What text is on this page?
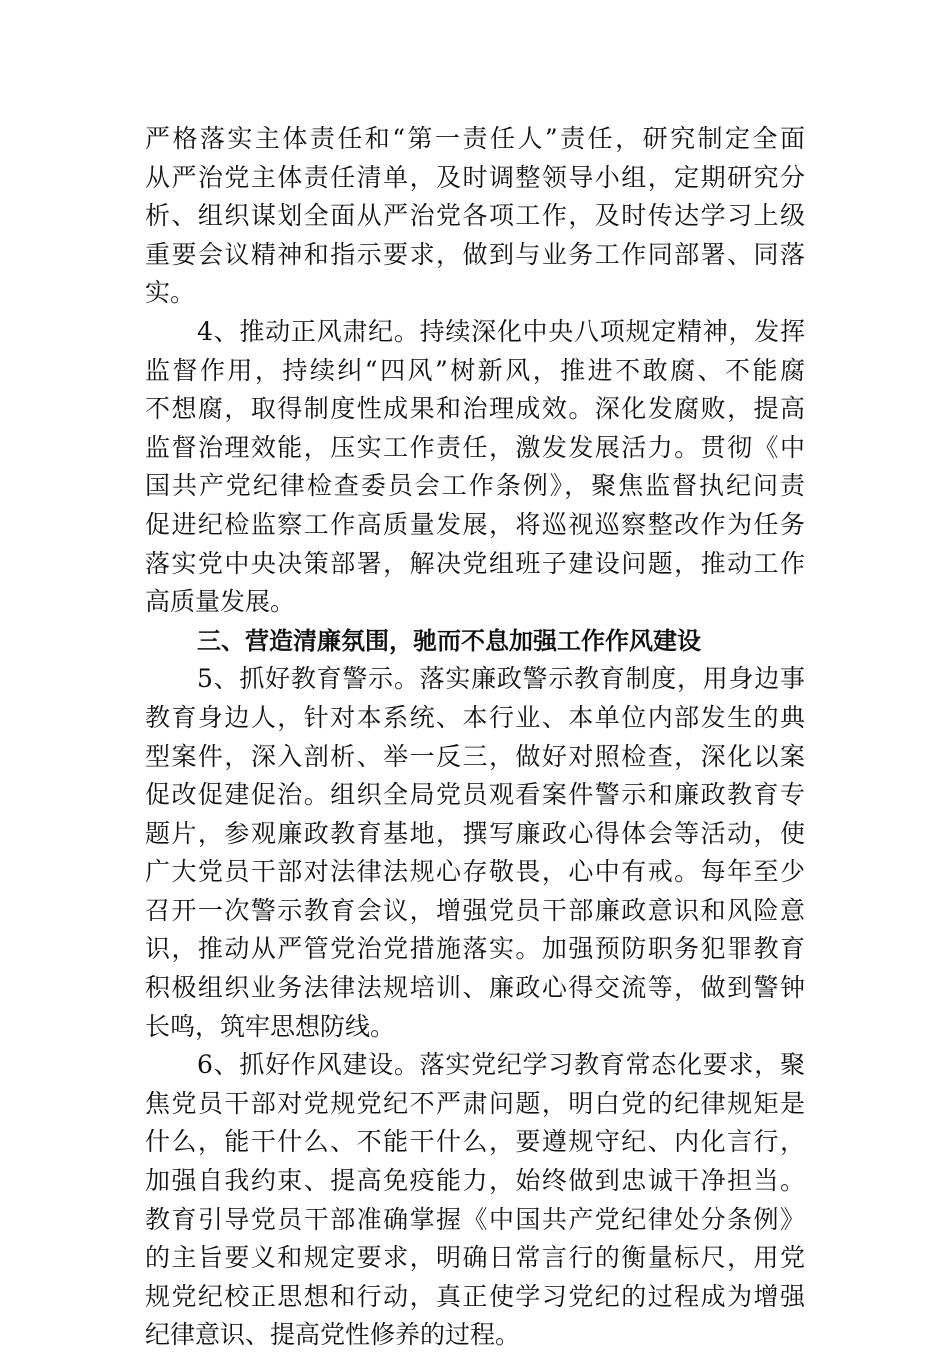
严格落实主体责任和“第一责任人”责任，研究制定全面
从严治党主体责任清单，及时调整领导小组，定期研究分
析、组织谋划全面从严治党各项工作，及时传达学习上级
重要会议精神和指示要求，做到与业务工作同部署、同落
实。
4、推动正风肃纪。持续深化中央八项规定精神，发挥
监督作用，持续纠“四风”树新风，推进不敢腐、不能腐
不想腐，取得制度性成果和治理成效。深化发腐败，提高
监督治理效能，压实工作责任，激发发展活力。贯彻《中
国共产党纪律检查委员会工作条例》，聚焦监督执纪问责
促进纪检监察工作高质量发展，将巡视巡察整改作为任务
落实党中央决策部署，解决党组班子建设问题，推动工作
高质量发展。
三、营造清廉氛围，驰而不息加强工作作风建设
5、抓好教育警示。落实廉政警示教育制度，用身边事
教育身边人，针对本系统、本行业、本单位内部发生的典
型案件，深入剖析、举一反三，做好对照检查，深化以案
促改促建促治。组织全局党员观看案件警示和廉政教育专
题片，参观廉政教育基地，撰写廉政心得体会等活动，使
广大党员干部对法律法规心存敬畏，心中有戒。每年至少
召开一次警示教育会议，增强党员干部廉政意识和风险意
识，推动从严管党治党措施落实。加强预防职务犯罪教育
积极组织业务法律法规培训、廉政心得交流等，做到警钟
长鸣，筑牢思想防线。
6、抓好作风建设。落实党纪学习教育常态化要求，聚
焦党员干部对党规党纪不严肃问题，明白党的纪律规矩是
什么，能干什么、不能干什么，要遵规守纪、内化言行，
加强自我约束、提高免疫能力，始终做到忠诚干净担当。
教育引导党员干部准确掌握《中国共产党纪律处分条例》
的主旨要义和规定要求，明确日常言行的衡量标尺，用党
规党纪校正思想和行动，真正使学习党纪的过程成为增强
纪律意识、提高党性修养的过程。
